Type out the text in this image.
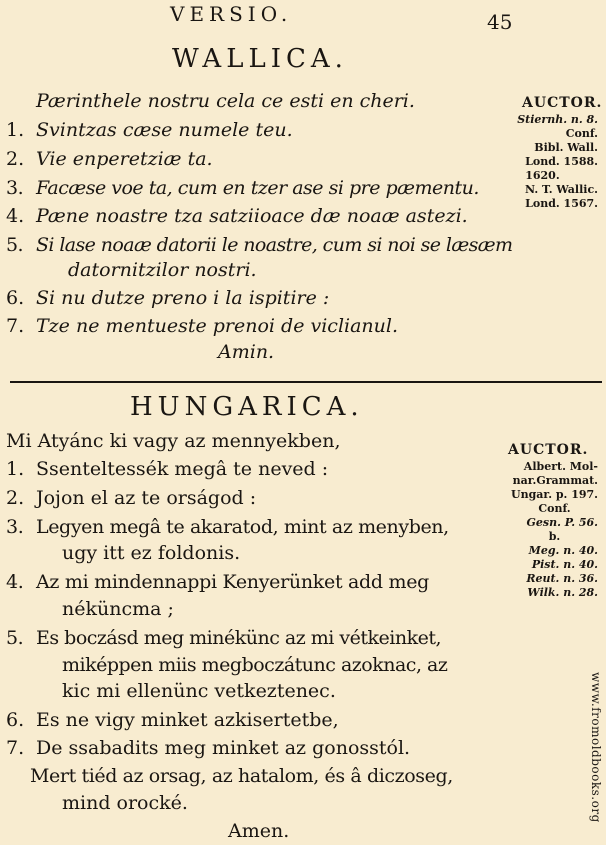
VERSIO.	45
WALLICA.
Pærinthele nostru cela ce esti en cheri.
1. Svintzas cæse numele teu.
2. Vie enperetziæ ta.
3. Facæse voe ta, cum en tzer ase si pre pæmentu.
4. Pæne noastre tza satziioace dæ noaæ astezi.
5. Si lase noaæ datorii le noastre, cum si noi se læsæm
datornitzilor nostri.
6. Si nu dutze preno i la ispitire :
7. Tze ne mentueste prenoi de viclianul.
Amin.
AUCTOR.
Stiernh. n. 8.
Conf.
Bibl. Wall.
Lond. 1588.
1620.
N. T. Wallic.
Lond. 1567.
HUNGARICA.
Mi Atyánc ki vagy az mennyekben,
1. Ssenteltessék megâ te neved :
2. Jojon el az te orságod :
3. Legyen megâ te akaratod, mint az menyben,
ugy itt ez foldonis.
4. Az mi mindennappi Kenyerünket add meg
néküncma ;
5. Es boczásd meg minékünc az mi vétkeinket,
miképpen miis megboczátunc azoknac, az
kic mi ellenünc vetkeztenec.
6. Es ne vigy minket azkisertetbe,
7. De ssabadits meg minket az gonosstól.
Mert tiéd az orsag, az hatalom, és â diczoseg,
mind orocké.
Amen.
AUCTOR.
Albert. Mol-
nar.Grammat.
Ungar. p. 197.
Conf.
Gesn. P. 56.
b.
Meg. n. 40.
Pist. n. 40.
Reut. n. 36.
Wilk. n. 28.
www.fromoldbooks.org
